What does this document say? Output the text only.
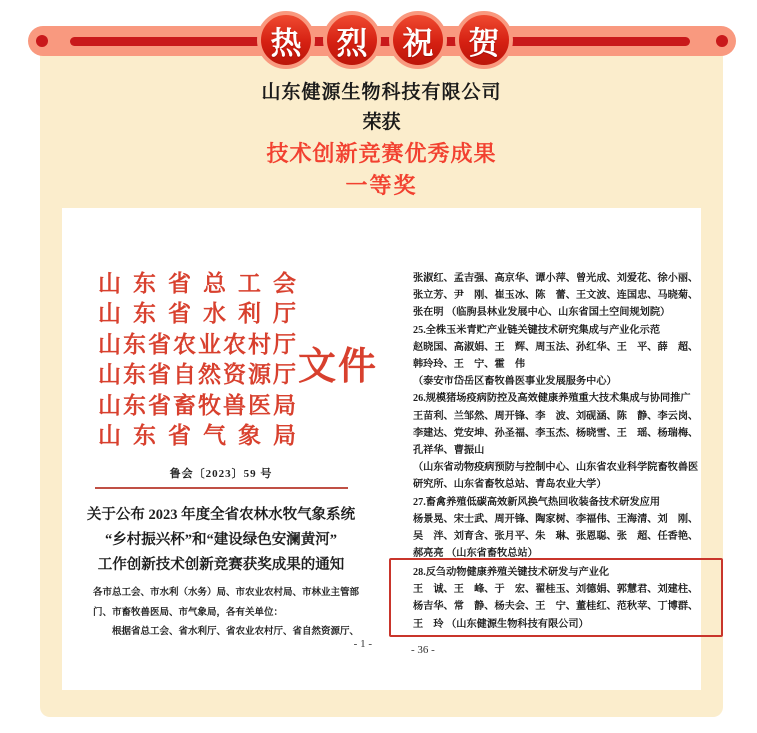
热 烈 祝 贺
山东健源生物科技有限公司
荣获
技术创新竞赛优秀成果
一等奖
山 东 省 总 工 会
山 东 省 水 利 厅
山 东 省 农 业 农 村 厅
山 东 省 自 然 资 源 厅
山 东 省 畜 牧 兽 医 局
山 东 省 气 象 局
文件
鲁会〔2023〕59 号
关于公布 2023 年度全省农林水牧气象系统
“乡村振兴杯”和“建设绿色安澜黄河”
工作创新技术创新竞赛获奖成果的通知
各市总工会、市水利（水务）局、市农业农村局、市林业主管部
门、市畜牧兽医局、市气象局，各有关单位：
根据省总工会、省水利厅、省农业农村厅、省自然资源厅、
- 1 -
张淑红、孟吉强、高京华、谭小萍、曾光成、刘爱花、徐小丽、
张立芳、尹　刚、崔玉冰、陈　蕾、王文波、连国忠、马晓菊、
张在明 （临朐县林业发展中心、山东省国土空间规划院）
25.全株玉米青贮产业链关键技术研究集成与产业化示范
赵晓国、高淑娟、王　辉、周玉法、孙红华、王　平、薛　超、
韩玲玲、王　宁、霍　伟
（泰安市岱岳区畜牧兽医事业发展服务中心）
26.规模猪场疫病防控及高效健康养殖重大技术集成与协同推广
王苗利、兰邹然、周开锋、李　波、刘砚涵、陈　静、李云岗、
李建达、党安坤、孙圣福、李玉杰、杨晓雪、王　瑶、杨瑞梅、
孔祥华、曹振山
（山东省动物疫病预防与控制中心、山东省农业科学院畜牧兽医
研究所、山东省畜牧总站、青岛农业大学）
27.畜禽养殖低碳高效新风换气热回收装备技术研发应用
杨景晃、宋士武、周开锋、陶家树、李福伟、王海清、刘　刚、
吴　泮、刘育含、张月平、朱　琳、张恩聪、张　超、任香艳、
郝亮亮 （山东省畜牧总站）
28.反刍动物健康养殖关键技术研发与产业化
王　诚、王　峰、于　宏、翟桂玉、刘德娟、郭慧君、刘建柱、
杨吉华、常　静、杨夫会、王　宁、董桂红、范秋苹、丁博群、
王　玲 （山东健源生物科技有限公司）
- 36 -
